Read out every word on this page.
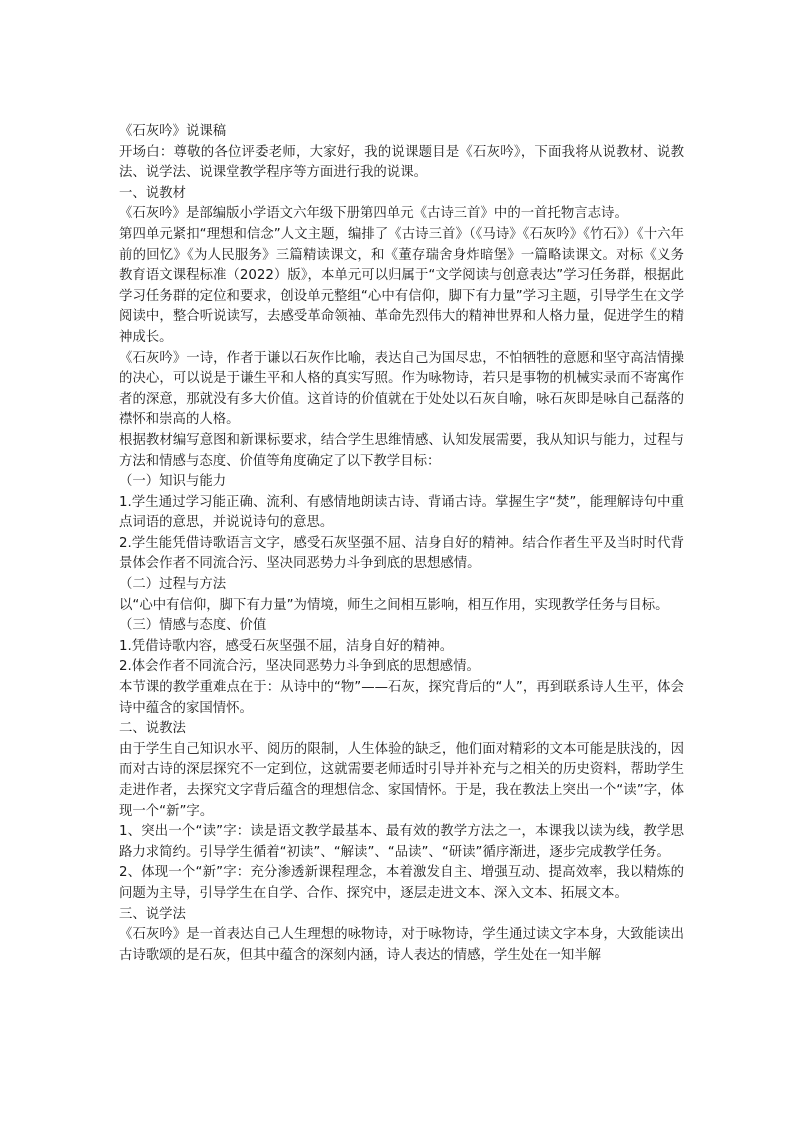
《石灰吟》说课稿

开场白：尊敬的各位评委老师，大家好，我的说课题目是《石灰吟》，下面我将从说教材、说教法、说学法、说课堂教学程序等方面进行我的说课。

一、说教材

《石灰吟》是部编版小学语文六年级下册第四单元《古诗三首》中的一首托物言志诗。

第四单元紧扣“理想和信念”人文主题，编排了《古诗三首》（《马诗》《石灰吟》《竹石》）《十六年前的回忆》《为人民服务》三篇精读课文，和《董存瑞舍身炸暗堡》一篇略读课文。对标《义务教育语文课程标准（2022）版》，本单元可以归属于“文学阅读与创意表达”学习任务群，根据此学习任务群的定位和要求，创设单元整组“心中有信仰，脚下有力量”学习主题，引导学生在文学阅读中，整合听说读写，去感受革命领袖、革命先烈伟大的精神世界和人格力量，促进学生的精神成长。

《石灰吟》一诗，作者于谦以石灰作比喻，表达自己为国尽忠，不怕牺牲的意愿和坚守高洁情操的决心，可以说是于谦生平和人格的真实写照。作为咏物诗，若只是事物的机械实录而不寄寓作者的深意，那就没有多大价值。这首诗的价值就在于处处以石灰自喻，咏石灰即是咏自己磊落的襟怀和崇高的人格。

根据教材编写意图和新课标要求，结合学生思维情感、认知发展需要，我从知识与能力，过程与方法和情感与态度、价值等角度确定了以下教学目标：

（一）知识与能力

1.学生通过学习能正确、流利、有感情地朗读古诗、背诵古诗。掌握生字“焚”，能理解诗句中重点词语的意思，并说说诗句的意思。

2.学生能凭借诗歌语言文字，感受石灰坚强不屈、洁身自好的精神。结合作者生平及当时时代背景体会作者不同流合污、坚决同恶势力斗争到底的思想感情。

（二）过程与方法

以“心中有信仰，脚下有力量”为情境，师生之间相互影响，相互作用，实现教学任务与目标。

（三）情感与态度、价值

1.凭借诗歌内容，感受石灰坚强不屈，洁身自好的精神。

2.体会作者不同流合污，坚决同恶势力斗争到底的思想感情。

本节课的教学重难点在于：从诗中的“物”——石灰，探究背后的“人”，再到联系诗人生平，体会诗中蕴含的家国情怀。

二、说教法

由于学生自己知识水平、阅历的限制，人生体验的缺乏，他们面对精彩的文本可能是肤浅的，因而对古诗的深层探究不一定到位，这就需要老师适时引导并补充与之相关的历史资料，帮助学生走进作者，去探究文字背后蕴含的理想信念、家国情怀。于是，我在教法上突出一个“读”字，体现一个“新”字。

1、突出一个“读”字：读是语文教学最基本、最有效的教学方法之一，本课我以读为线，教学思路力求简约。引导学生循着“初读”、“解读”、“品读”、“研读”循序渐进，逐步完成教学任务。

2、体现一个“新”字：充分渗透新课程理念，本着激发自主、增强互动、提高效率，我以精炼的问题为主导，引导学生在自学、合作、探究中，逐层走进文本、深入文本、拓展文本。

三、说学法

《石灰吟》是一首表达自己人生理想的咏物诗，对于咏物诗，学生通过读文字本身，大致能读出古诗歌颂的是石灰，但其中蕴含的深刻内涵，诗人表达的情感，学生处在一知半解
